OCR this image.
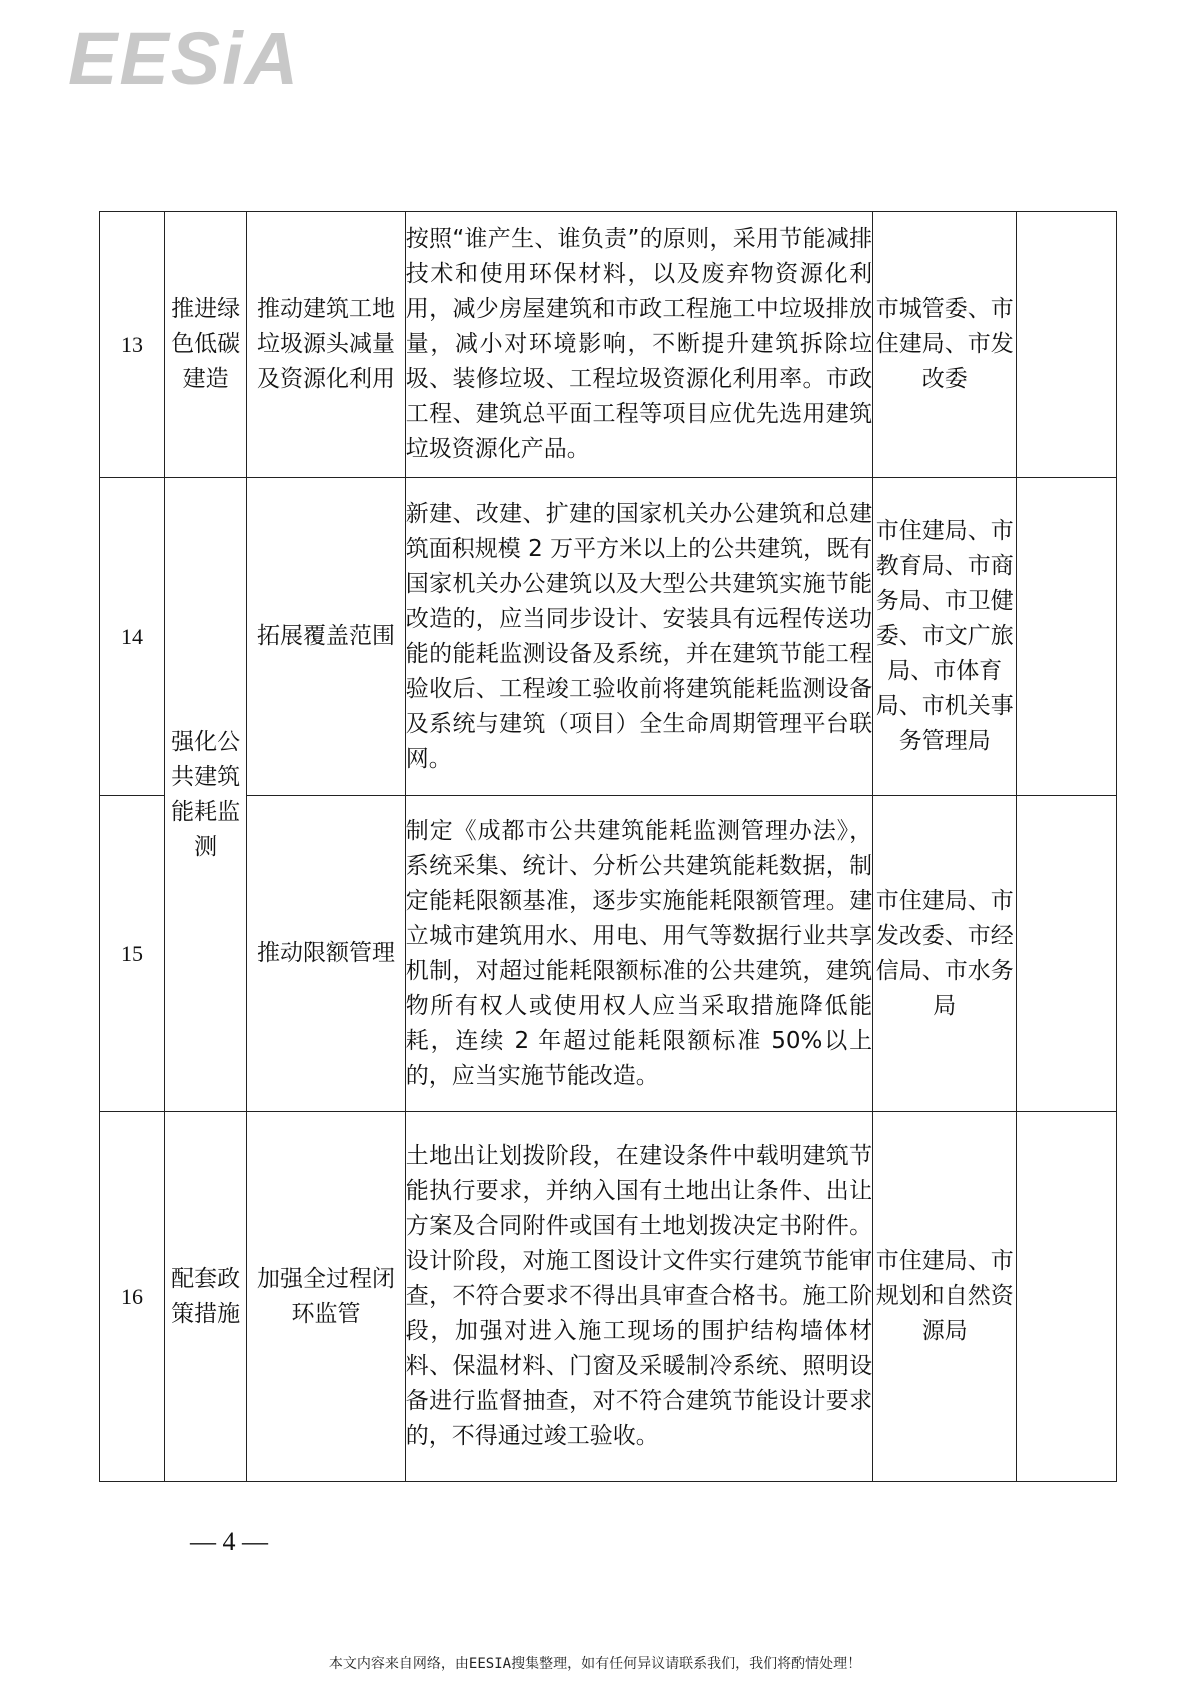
EESiA
13	推进绿色低碳建造	推动建筑工地垃圾源头减量及资源化利用	按照“谁产生、谁负责”的原则，采用节能减排技术和使用环保材料，以及废弃物资源化利用，减少房屋建筑和市政工程施工中垃圾排放量，减小对环境影响，不断提升建筑拆除垃圾、装修垃圾、工程垃圾资源化利用率。市政工程、建筑总平面工程等项目应优先选用建筑垃圾资源化产品。	市城管委、市住建局、市发改委	
14	强化公共建筑能耗监测	拓展覆盖范围	新建、改建、扩建的国家机关办公建筑和总建筑面积规模 2 万平方米以上的公共建筑，既有国家机关办公建筑以及大型公共建筑实施节能改造的，应当同步设计、安装具有远程传送功能的能耗监测设备及系统，并在建筑节能工程验收后、工程竣工验收前将建筑能耗监测设备及系统与建筑（项目）全生命周期管理平台联网。	市住建局、市教育局、市商务局、市卫健委、市文广旅局、市体育局、市机关事务管理局	
15		推动限额管理	制定《成都市公共建筑能耗监测管理办法》，系统采集、统计、分析公共建筑能耗数据，制定能耗限额基准，逐步实施能耗限额管理。建立城市建筑用水、用电、用气等数据行业共享机制，对超过能耗限额标准的公共建筑，建筑物所有权人或使用权人应当采取措施降低能耗，连续 2 年超过能耗限额标准 50%以上的，应当实施节能改造。	市住建局、市发改委、市经信局、市水务局	
16	配套政策措施	加强全过程闭环监管	土地出让划拨阶段，在建设条件中载明建筑节能执行要求，并纳入国有土地出让条件、出让方案及合同附件或国有土地划拨决定书附件。设计阶段，对施工图设计文件实行建筑节能审查，不符合要求不得出具审查合格书。施工阶段，加强对进入施工现场的围护结构墙体材料、保温材料、门窗及采暖制冷系统、照明设备进行监督抽查，对不符合建筑节能设计要求的，不得通过竣工验收。	市住建局、市规划和自然资源局	
— 4 —
本文内容来自网络，由EESIA搜集整理，如有任何异议请联系我们，我们将酌情处理！
